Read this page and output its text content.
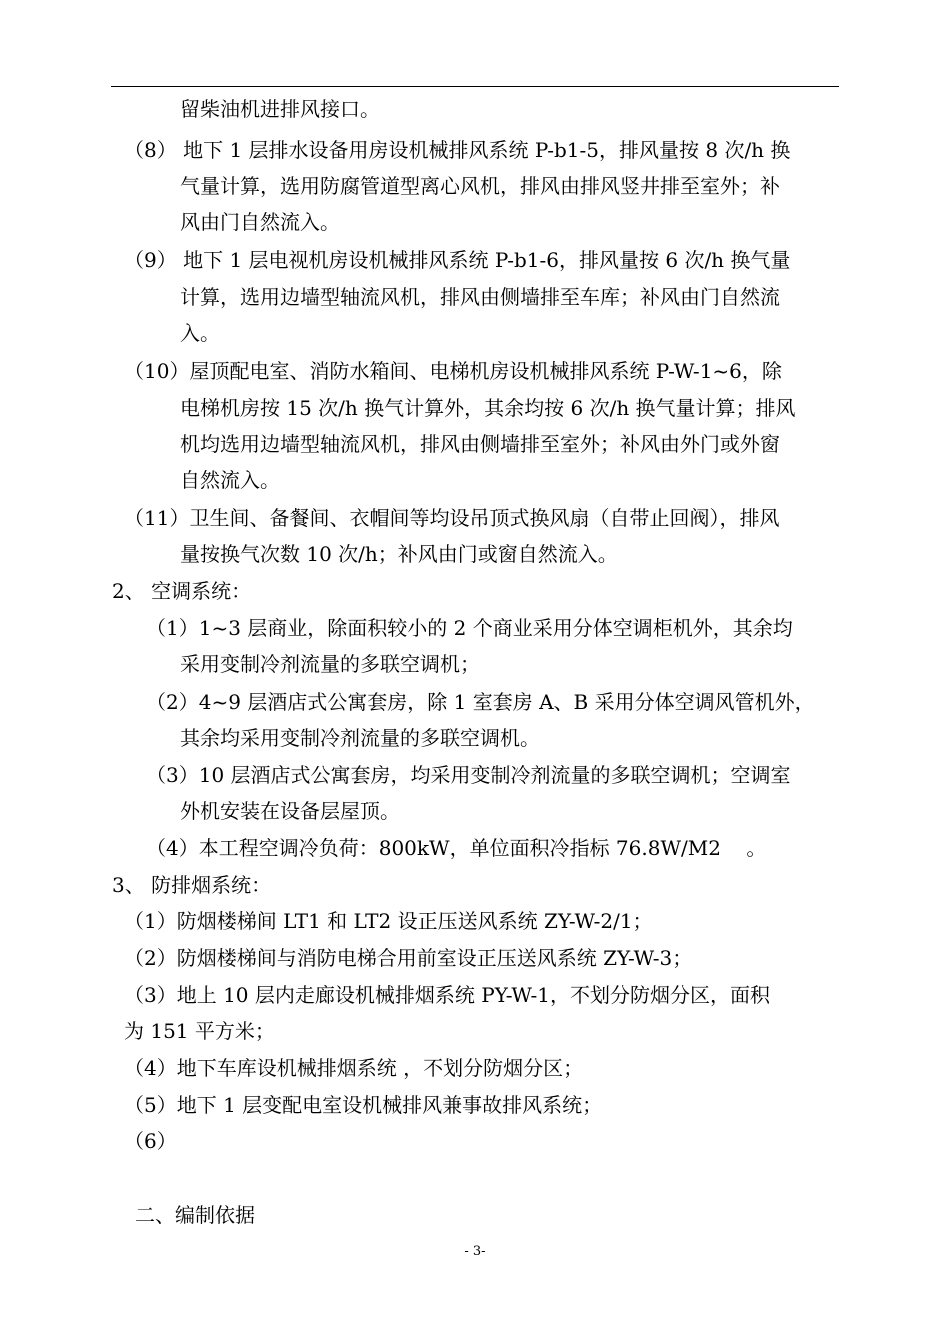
留柴油机进排风接口。
（8） 地下 1 层排水设备用房设机械排风系统 P-b1-5，排风量按 8 次/h 换
气量计算，选用防腐管道型离心风机，排风由排风竖井排至室外；补
风由门自然流入。
（9） 地下 1 层电视机房设机械排风系统 P-b1-6，排风量按 6 次/h 换气量
计算，选用边墙型轴流风机，排风由侧墙排至车库；补风由门自然流
入。
（10）屋顶配电室、消防水箱间、电梯机房设机械排风系统 P-W-1~6，除
电梯机房按 15 次/h 换气计算外，其余均按 6 次/h 换气量计算；排风
机均选用边墙型轴流风机，排风由侧墙排至室外；补风由外门或外窗
自然流入。
（11）卫生间、备餐间、衣帽间等均设吊顶式换风扇（自带止回阀），排风
量按换气次数 10 次/h；补风由门或窗自然流入。
2、 空调系统：
（1）1~3 层商业，除面积较小的 2 个商业采用分体空调柜机外，其余均
采用变制冷剂流量的多联空调机；
（2）4~9 层酒店式公寓套房，除 1 室套房 A、B 采用分体空调风管机外，
其余均采用变制冷剂流量的多联空调机。
（3）10 层酒店式公寓套房，均采用变制冷剂流量的多联空调机；空调室
外机安装在设备层屋顶。
（4）本工程空调冷负荷：800kW，单位面积冷指标 76.8W/M2    。
3、 防排烟系统：
（1）防烟楼梯间 LT1 和 LT2 设正压送风系统 ZY-W-2/1；
（2）防烟楼梯间与消防电梯合用前室设正压送风系统 ZY-W-3；
（3）地上 10 层内走廊设机械排烟系统 PY-W-1，不划分防烟分区，面积
为 151 平方米；
（4）地下车库设机械排烟系统 ，不划分防烟分区；
（5）地下 1 层变配电室设机械排风兼事故排风系统；
（6）
二、编制依据
- 3-
